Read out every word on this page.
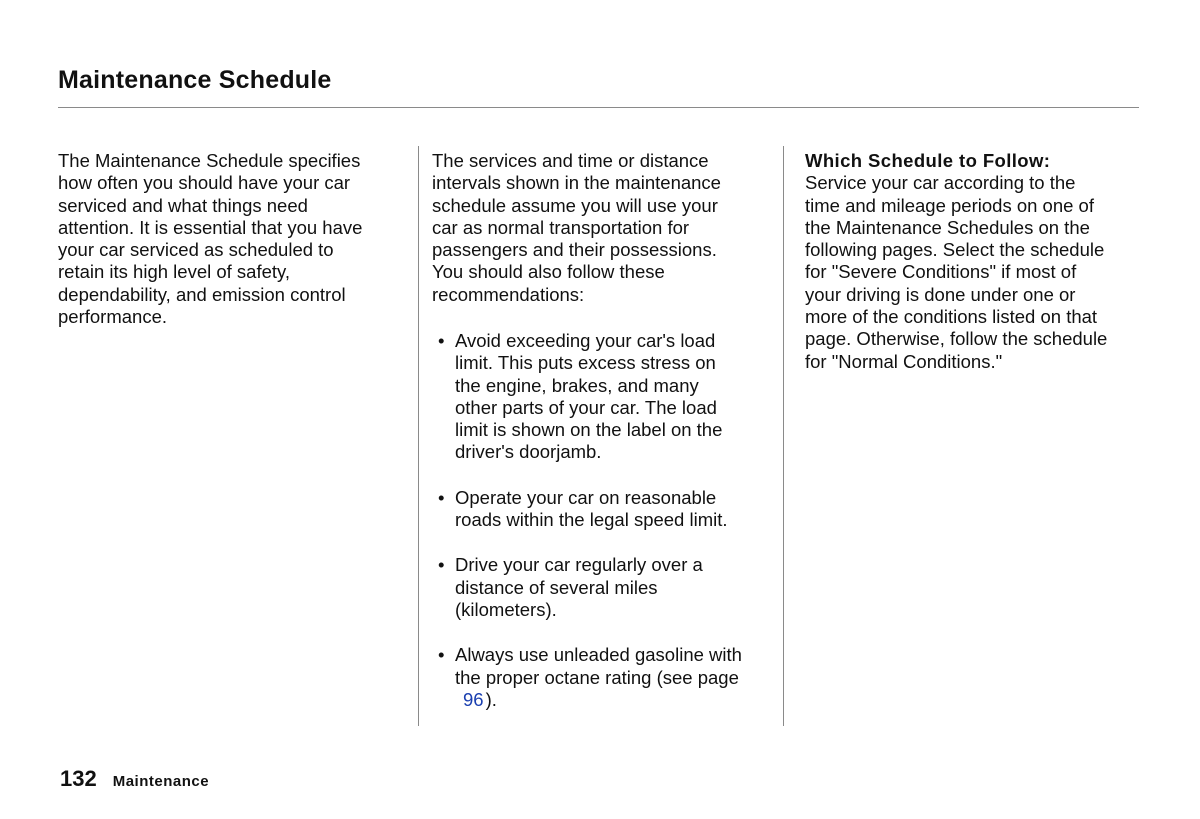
Maintenance Schedule

The Maintenance Schedule specifies
how often you should have your car
serviced and what things need
attention. It is essential that you have
your car serviced as scheduled to
retain its high level of safety,
dependability, and emission control
performance.

The services and time or distance
intervals shown in the maintenance
schedule assume you will use your
car as normal transportation for
passengers and their possessions.
You should also follow these
recommendations:

• Avoid exceeding your car's load
limit. This puts excess stress on
the engine, brakes, and many
other parts of your car. The load
limit is shown on the label on the
driver's doorjamb.
• Operate your car on reasonable
roads within the legal speed limit.
• Drive your car regularly over a
distance of several miles
(kilometers).
• Always use unleaded gasoline with
the proper octane rating (see page
96 ).
Which Schedule to Follow:

Service your car according to the
time and mileage periods on one of
the Maintenance Schedules on the
following pages. Select the schedule
for "Severe Conditions" if most of
your driving is done under one or
more of the conditions listed on that
page. Otherwise, follow the schedule
for "Normal Conditions."

132 Maintenance
